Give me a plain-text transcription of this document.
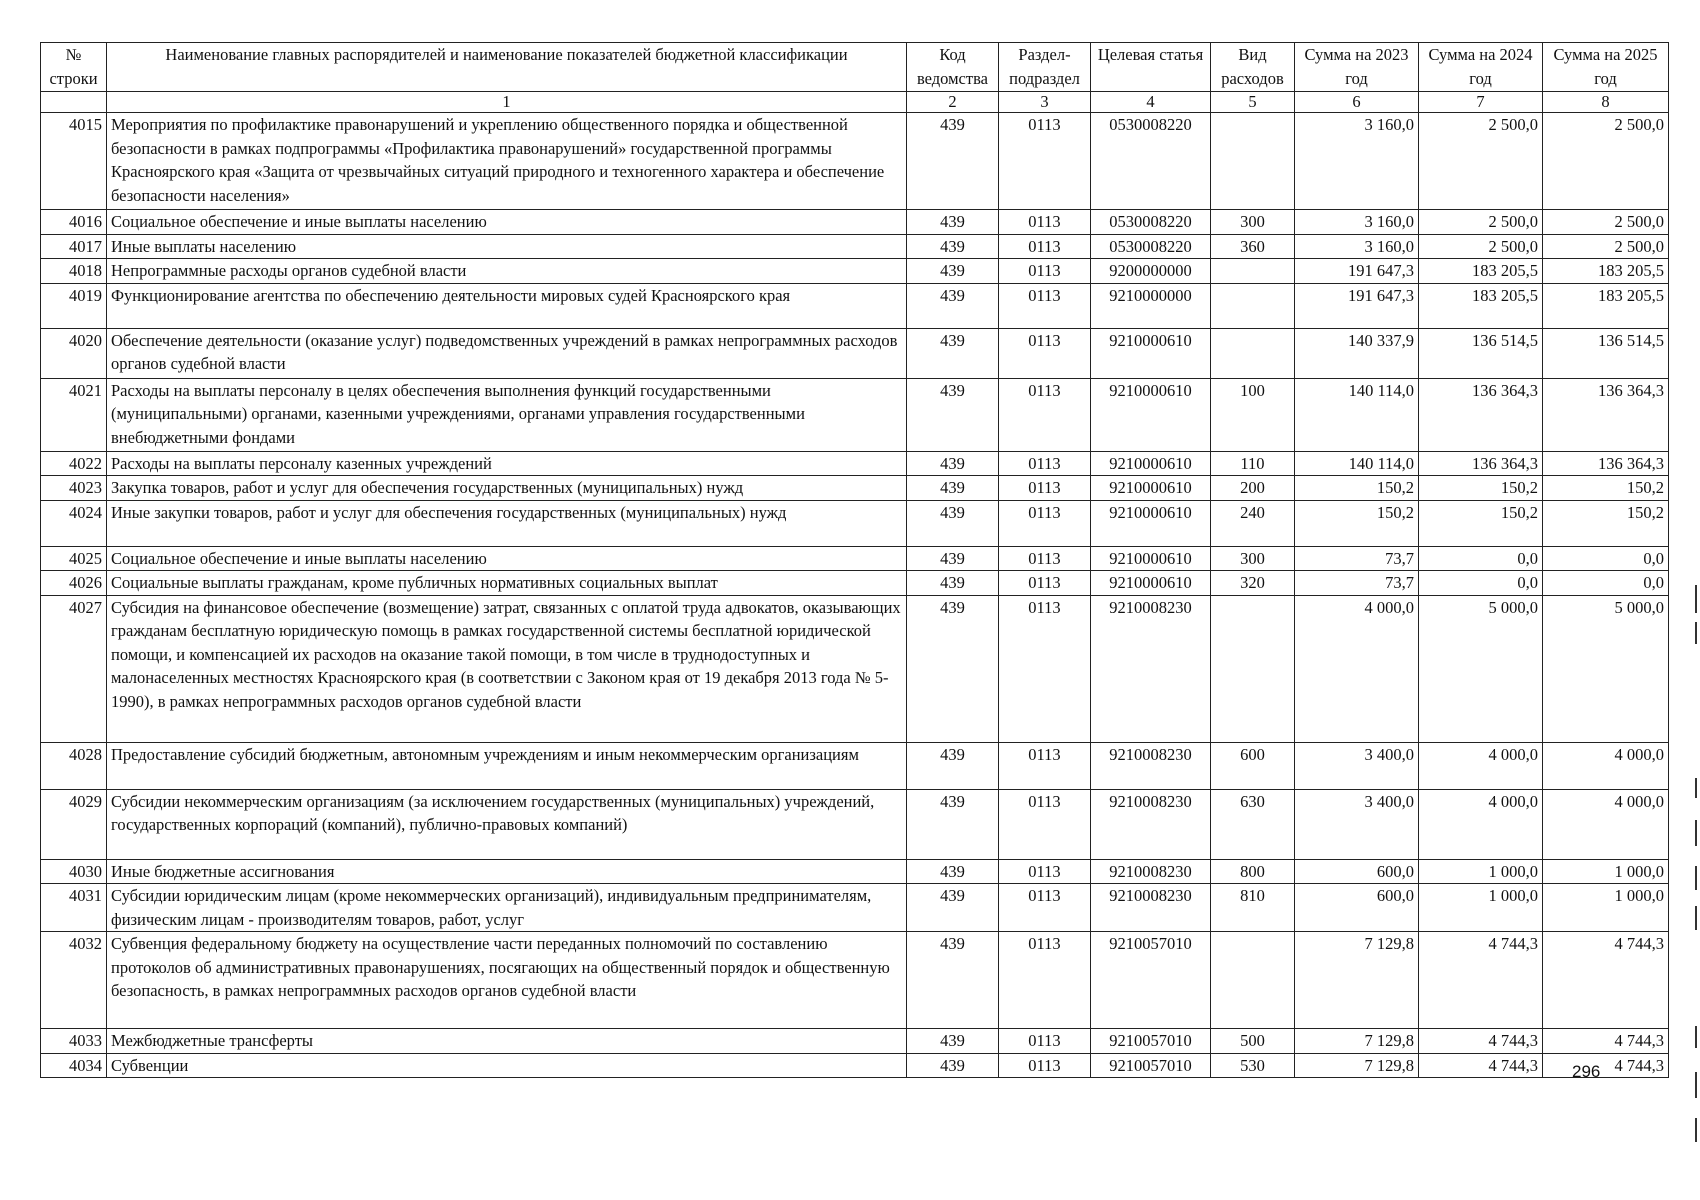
№ строки	Наименование главных распорядителей и наименование показателей бюджетной классификации	Код ведомства	Раздел-подраздел	Целевая статья	Вид расходов	Сумма на 2023 год	Сумма на 2024 год	Сумма на 2025 год
	1	2	3	4	5	6	7	8
4015	Мероприятия по профилактике правонарушений и укреплению общественного порядка и общественной безопасности в рамках подпрограммы «Профилактика правонарушений» государственной программы Красноярского края «Защита от чрезвычайных ситуаций природного и техногенного характера и обеспечение безопасности населения»	439	0113	0530008220		3 160,0	2 500,0	2 500,0
4016	Социальное обеспечение и иные выплаты населению	439	0113	0530008220	300	3 160,0	2 500,0	2 500,0
4017	Иные выплаты населению	439	0113	0530008220	360	3 160,0	2 500,0	2 500,0
4018	Непрограммные расходы органов судебной власти	439	0113	9200000000		191 647,3	183 205,5	183 205,5
4019	Функционирование агентства по обеспечению деятельности мировых судей Красноярского края	439	0113	9210000000		191 647,3	183 205,5	183 205,5
4020	Обеспечение деятельности (оказание услуг) подведомственных учреждений в рамках непрограммных расходов органов судебной власти	439	0113	9210000610		140 337,9	136 514,5	136 514,5
4021	Расходы на выплаты персоналу в целях обеспечения выполнения функций государственными (муниципальными) органами, казенными учреждениями, органами управления государственными внебюджетными фондами	439	0113	9210000610	100	140 114,0	136 364,3	136 364,3
4022	Расходы на выплаты персоналу казенных учреждений	439	0113	9210000610	110	140 114,0	136 364,3	136 364,3
4023	Закупка товаров, работ и услуг для обеспечения государственных (муниципальных) нужд	439	0113	9210000610	200	150,2	150,2	150,2
4024	Иные закупки товаров, работ и услуг для обеспечения государственных (муниципальных) нужд	439	0113	9210000610	240	150,2	150,2	150,2
4025	Социальное обеспечение и иные выплаты населению	439	0113	9210000610	300	73,7	0,0	0,0
4026	Социальные выплаты гражданам, кроме публичных нормативных социальных выплат	439	0113	9210000610	320	73,7	0,0	0,0
4027	Субсидия на финансовое обеспечение (возмещение) затрат, связанных с оплатой труда адвокатов, оказывающих гражданам бесплатную юридическую помощь в рамках государственной системы бесплатной юридической помощи, и компенсацией их расходов на оказание такой помощи, в том числе в труднодоступных и малонаселенных местностях Красноярского края (в соответствии с Законом края от 19 декабря 2013 года № 5-1990), в рамках непрограммных расходов органов судебной власти	439	0113	9210008230		4 000,0	5 000,0	5 000,0
4028	Предоставление субсидий бюджетным, автономным учреждениям и иным некоммерческим организациям	439	0113	9210008230	600	3 400,0	4 000,0	4 000,0
4029	Субсидии некоммерческим организациям (за исключением государственных (муниципальных) учреждений, государственных корпораций (компаний), публично-правовых компаний)	439	0113	9210008230	630	3 400,0	4 000,0	4 000,0
4030	Иные бюджетные ассигнования	439	0113	9210008230	800	600,0	1 000,0	1 000,0
4031	Субсидии юридическим лицам (кроме некоммерческих организаций), индивидуальным предпринимателям, физическим лицам - производителям товаров, работ, услуг	439	0113	9210008230	810	600,0	1 000,0	1 000,0
4032	Субвенция федеральному бюджету на осуществление части переданных полномочий по составлению протоколов об административных правонарушениях, посягающих на общественный порядок и общественную безопасность, в рамках непрограммных расходов органов судебной власти	439	0113	9210057010		7 129,8	4 744,3	4 744,3
4033	Межбюджетные трансферты	439	0113	9210057010	500	7 129,8	4 744,3	4 744,3
4034	Субвенции	439	0113	9210057010	530	7 129,8	4 744,3	4 744,3
296
